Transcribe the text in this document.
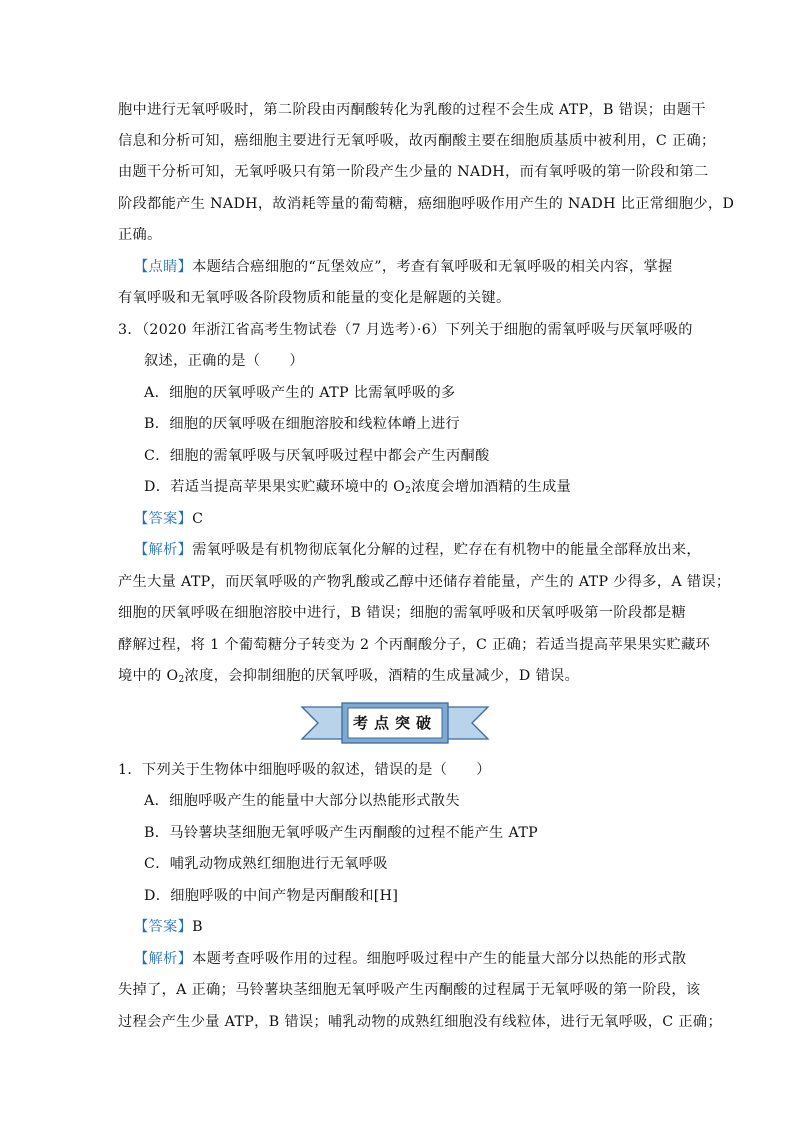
胞中进行无氧呼吸时，第二阶段由丙酮酸转化为乳酸的过程不会生成 ATP，B 错误；由题干
信息和分析可知，癌细胞主要进行无氧呼吸，故丙酮酸主要在细胞质基质中被利用，C 正确；
由题干分析可知，无氧呼吸只有第一阶段产生少量的 NADH，而有氧呼吸的第一阶段和第二
阶段都能产生 NADH，故消耗等量的葡萄糖，癌细胞呼吸作用产生的 NADH 比正常细胞少，D
正确。
【点睛】本题结合癌细胞的“瓦堡效应”，考查有氧呼吸和无氧呼吸的相关内容，掌握
有氧呼吸和无氧呼吸各阶段物质和能量的变化是解题的关键。
3．（2020 年浙江省高考生物试卷（7 月选考）·6）下列关于细胞的需氧呼吸与厌氧呼吸的
叙述，正确的是（　　）
A．细胞的厌氧呼吸产生的 ATP 比需氧呼吸的多
B．细胞的厌氧呼吸在细胞溶胶和线粒体嵴上进行
C．细胞的需氧呼吸与厌氧呼吸过程中都会产生丙酮酸
D．若适当提高苹果果实贮藏环境中的 $O_2$浓度会增加酒精的生成量
【答案】C
【解析】需氧呼吸是有机物彻底氧化分解的过程，贮存在有机物中的能量全部释放出来，
产生大量 ATP，而厌氧呼吸的产物乳酸或乙醇中还储存着能量，产生的 ATP 少得多，A 错误；
细胞的厌氧呼吸在细胞溶胶中进行，B 错误；细胞的需氧呼吸和厌氧呼吸第一阶段都是糖
酵解过程，将 1 个葡萄糖分子转变为 2 个丙酮酸分子，C 正确；若适当提高苹果果实贮藏环
境中的 $O_2$浓度，会抑制细胞的厌氧呼吸，酒精的生成量减少，D 错误。
考点突破
1．下列关于生物体中细胞呼吸的叙述，错误的是（　　）
A．细胞呼吸产生的能量中大部分以热能形式散失
B．马铃薯块茎细胞无氧呼吸产生丙酮酸的过程不能产生 ATP
C．哺乳动物成熟红细胞进行无氧呼吸
D．细胞呼吸的中间产物是丙酮酸和[H]
【答案】B
【解析】本题考查呼吸作用的过程。细胞呼吸过程中产生的能量大部分以热能的形式散
失掉了，A 正确；马铃薯块茎细胞无氧呼吸产生丙酮酸的过程属于无氧呼吸的第一阶段，该
过程会产生少量 ATP，B 错误；哺乳动物的成熟红细胞没有线粒体，进行无氧呼吸，C 正确；
